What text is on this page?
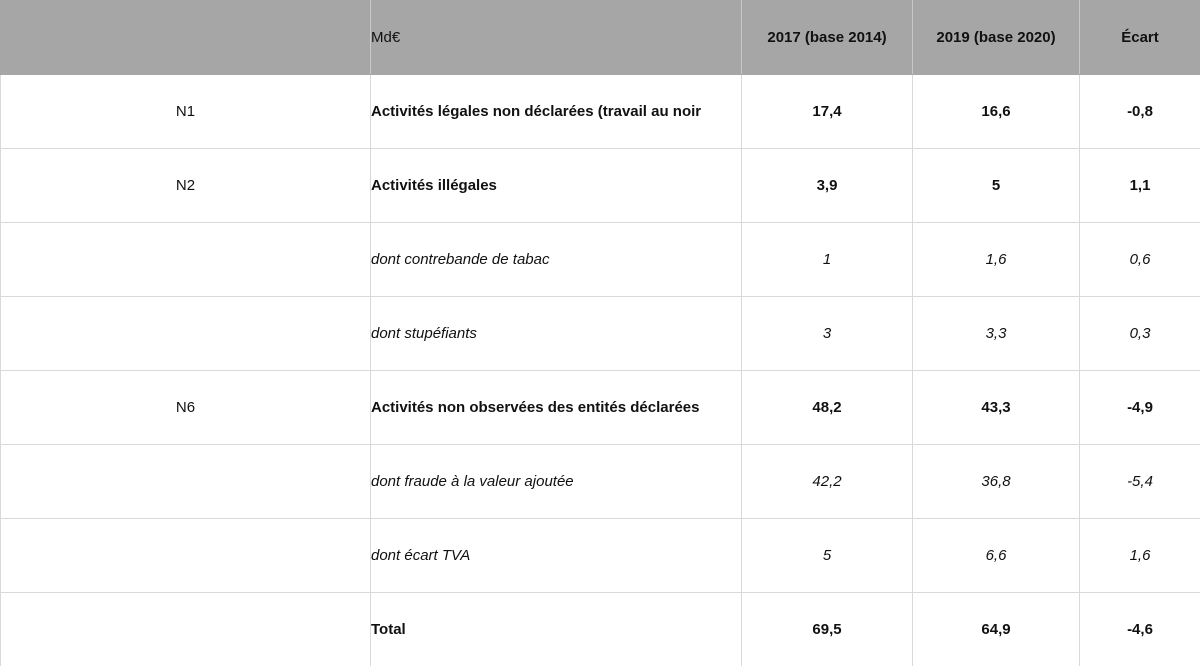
	Md€	2017 (base 2014)	2019 (base 2020)	Écart
N1	Activités légales non déclarées (travail au noir	17,4	16,6	-0,8
N2	Activités illégales	3,9	5	1,1
	dont contrebande de tabac	1	1,6	0,6
	dont stupéfiants	3	3,3	0,3
N6	Activités non observées des entités déclarées	48,2	43,3	-4,9
	dont fraude à la valeur ajoutée	42,2	36,8	-5,4
	dont écart TVA	5	6,6	1,6
	Total	69,5	64,9	-4,6
